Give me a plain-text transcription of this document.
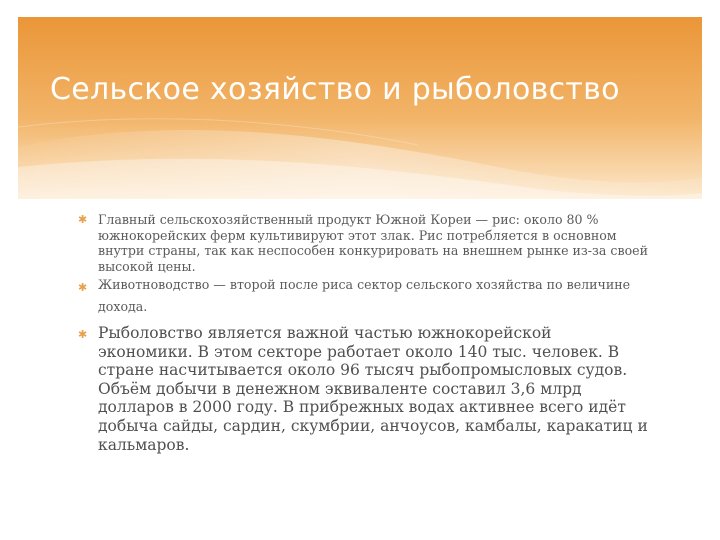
Сельское хозяйство и рыболовство
✱ Главный сельскохозяйственный продукт Южной Кореи — рис: около 80 % южнокорейских ферм культивируют этот злак. Рис потребляется в основном внутри страны, так как неспособен конкурировать на внешнем рынке из-за своей высокой цены.
✱ Животноводство — второй после риса сектор сельского хозяйства по величине дохода.
✱ Рыболовство является важной частью южнокорейской экономики. В этом секторе работает около 140 тыс. человек. В стране насчитывается около 96 тысяч рыбопромысловых судов. Объём добычи в денежном эквиваленте составил 3,6 млрд долларов в 2000 году. В прибрежных водах активнее всего идёт добыча сайды, сардин, скумбрии, анчоусов, камбалы, каракатиц и кальмаров.
